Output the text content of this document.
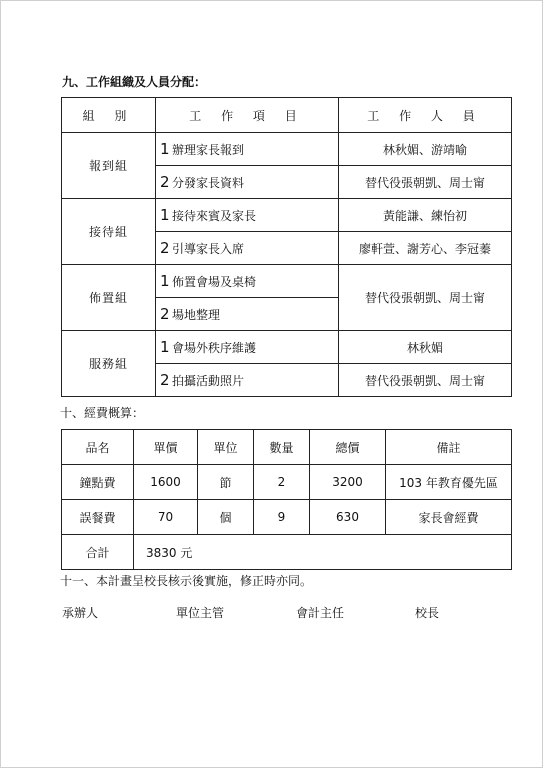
九、工作組織及人員分配：
組 別	工 作 項 目	工 作 人 員
報到組	1 辦理家長報到	林秋媚、游靖喻

	2 分發家長資料	替代役張朝凱、周士甯
接待組	1 接待來賓及家長	黃能謙、練怡初

	2 引導家長入席	廖軒萱、謝芳心、李冠蓁
佈置組	1 佈置會場及桌椅	替代役張朝凱、周士甯

	2 場地整理	

服務組	1 會場外秩序維護	林秋媚

	2 拍攝活動照片	替代役張朝凱、周士甯
十、經費概算：
品名	單價	單位	數量	總價	備註
鐘點費	1600	節	2	3200	103 年教育優先區
誤餐費	70	個	9	630	家長會經費
合計	3830 元				
十一、本計畫呈校長核示後實施，修正時亦同。
承辦人	單位主管	會計主任	校長
